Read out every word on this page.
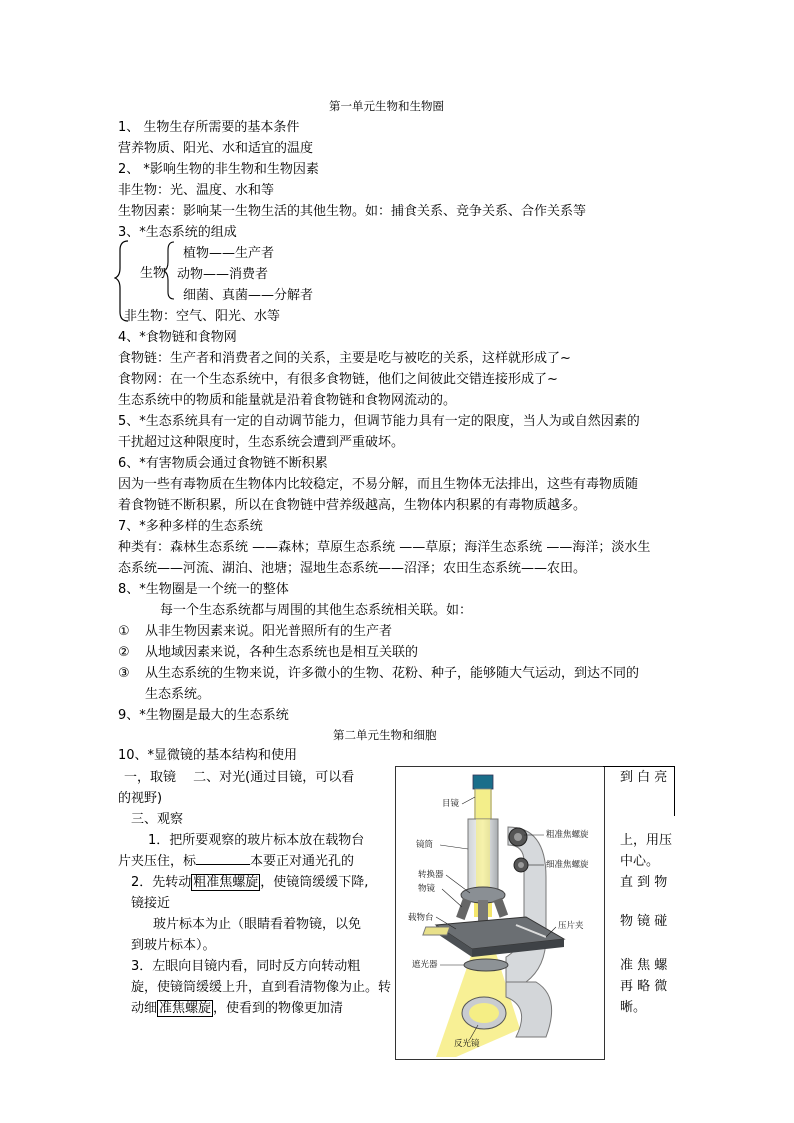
第一单元生物和生物圈
1、 生物生存所需要的基本条件
营养物质、阳光、水和适宜的温度
2、 *影响生物的非生物和生物因素
非生物：光、温度、水和等
生物因素：影响某一生物生活的其他生物。如：捕食关系、竞争关系、合作关系等
3、*生态系统的组成
生物
植物——生产者
动物——消费者
细菌、真菌——分解者
非生物：空气、阳光、水等
4、*食物链和食物网
食物链：生产者和消费者之间的关系，主要是吃与被吃的关系，这样就形成了~
食物网：在一个生态系统中，有很多食物链，他们之间彼此交错连接形成了~
生态系统中的物质和能量就是沿着食物链和食物网流动的。
5、*生态系统具有一定的自动调节能力，但调节能力具有一定的限度，当人为或自然因素的
干扰超过这种限度时，生态系统会遭到严重破坏。
6、*有害物质会通过食物链不断积累
因为一些有毒物质在生物体内比较稳定，不易分解，而且生物体无法排出，这些有毒物质随
着食物链不断积累，所以在食物链中营养级越高，生物体内积累的有毒物质越多。
7、*多种多样的生态系统
种类有：森林生态系统 ——森林；草原生态系统 ——草原；海洋生态系统 ——海洋；淡水生
态系统——河流、湖泊、池塘；湿地生态系统——沼泽；农田生态系统——农田。
8、*生物圈是一个统一的整体
每一个生态系统都与周围的其他生态系统相关联。如：
①　 从非生物因素来说。阳光普照所有的生产者
②　 从地域因素来说，各种生态系统也是相互关联的
③　 从生态系统的生物来说，许多微小的生物、花粉、种子，能够随大气运动，到达不同的
生态系统。
9、*生物圈是最大的生态系统
第二单元生物和细胞
10、*显微镜的基本结构和使用
一，取镜　 二、对光(通过目镜，可以看	到 白 亮
的视野)
三、观察
1．把所要观察的玻片标本放在载物台	上，用压
片夹压住，标	本要正对通光孔的	中心。
2．先转动 粗准焦螺旋 ，使镜筒缓缓下降,	直 到 物
镜接近
玻片标本为止（眼睛看着物镜，以免	物 镜 碰
到玻片标本）。
3．左眼向目镜内看，同时反方向转动粗	准 焦 螺
旋，使镜筒缓缓上升，直到看清物像为止。转	再 略 微
动细 准焦螺旋 ，使看到的物像更加清	晰。
目镜
粗准焦螺旋
镜筒
细准焦螺旋
转换器
物镜
载物台
压片夹
遮光器
反光镜
